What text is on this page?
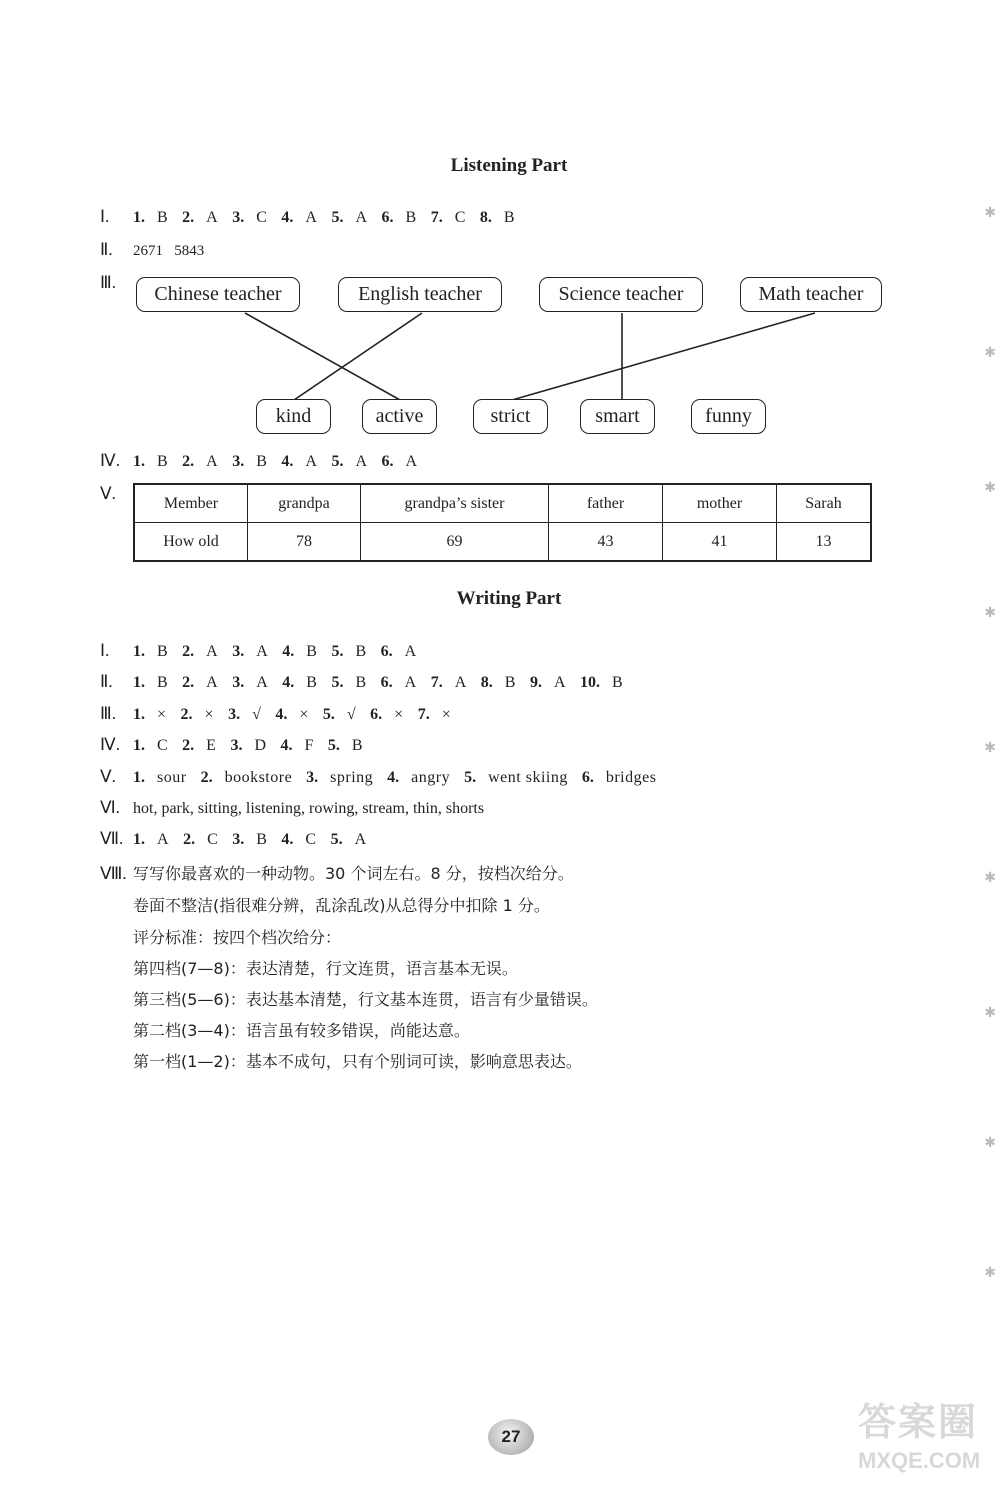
Listening Part
Ⅰ.	1. B 2. A 3. C 4. A 5. A 6. B 7. C 8. B
Ⅱ.	2671   5843
Ⅲ.
Chinese teacher	English teacher	Science teacher	Math teacher
kind	active	strict	smart	funny
Ⅳ. 1. B 2. A 3. B 4. A 5. A 6. A
Ⅴ.	Member	grandpa	grandpa’s sister	father	mother	Sarah
How old	78	69	43	41	13
Writing Part
Ⅰ.	1. B 2. A 3. A 4. B 5. B 6. A
Ⅱ.	1. B 2. A 3. A 4. B 5. B 6. A 7. A 8. B 9. A 10. B
Ⅲ.	1. × 2. × 3. √ 4. × 5. √ 6. × 7. ×
Ⅳ. 1. C 2. E 3. D 4. F 5. B
Ⅴ.	1. sour 2. bookstore 3. spring 4. angry 5. went skiing 6. bridges
Ⅵ. hot, park, sitting, listening, rowing, stream, thin, shorts
Ⅶ. 1. A 2. C 3. B 4. C 5. A
Ⅷ. 写写你最喜欢的一种动物。30 个词左右。8 分，按档次给分。
卷面不整洁(指很难分辨，乱涂乱改)从总得分中扣除 1 分。
评分标准：按四个档次给分：
第四档(7—8)：表达清楚，行文连贯，语言基本无误。
第三档(5—6)：表达基本清楚，行文基本连贯，语言有少量错误。
第二档(3—4)：语言虽有较多错误，尚能达意。
第一档(1—2)：基本不成句，只有个别词可读，影响意思表达。
27	答案圈
MXQE.COM
✱
✱
✱
✱
✱
✱
✱
✱
✱
